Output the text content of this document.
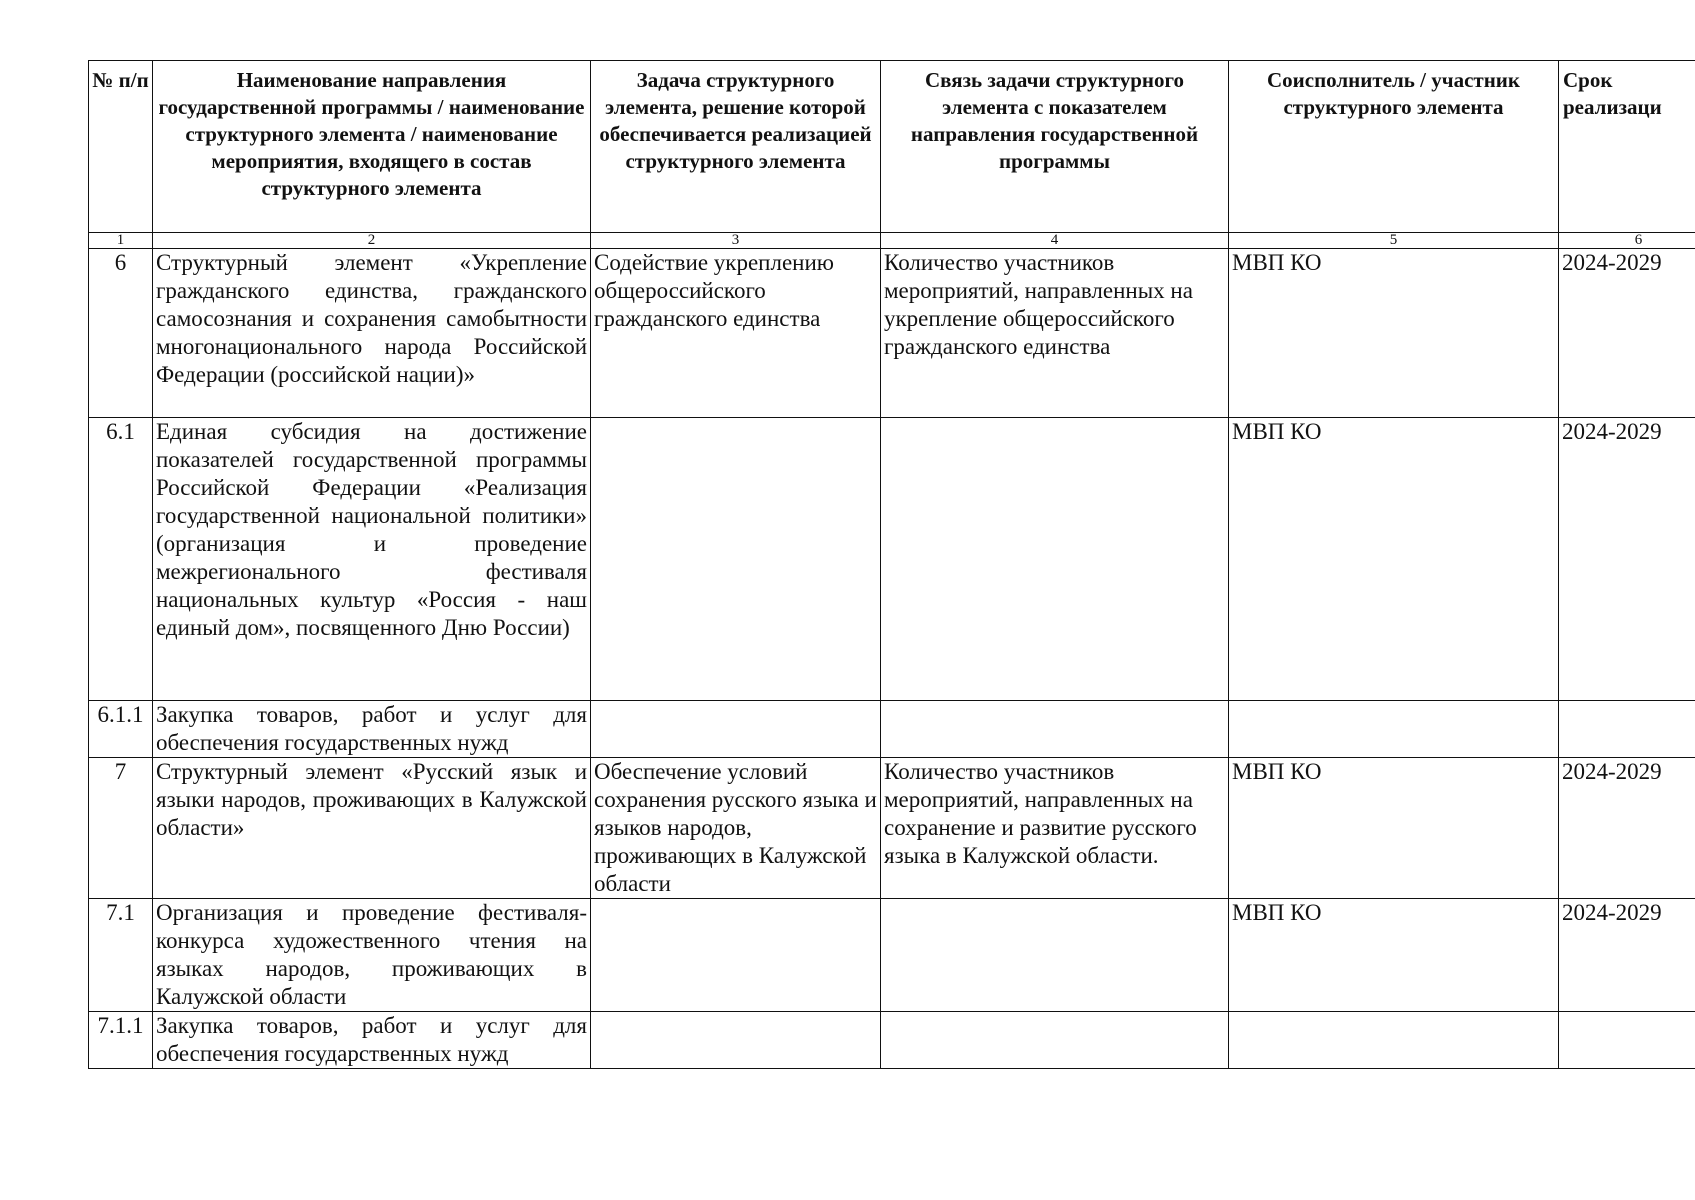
№ п/п	Наименование направления государственной программы / наименование структурного элемента / наименование мероприятия, входящего в состав структурного элемента	Задача структурного элемента, решение которой обеспечивается реализацией структурного элемента	Связь задачи структурного элемента с показателем направления государственной программы	Соисполнитель / участник структурного элемента	Срок реализаци

1	2	3	4	5	6
6	Структурный элемент «Укрепление гражданского единства, гражданского самосознания и сохранения самобытности многонационального народа Российской Федерации (российской нации)»	Содействие укреплению общероссийского гражданского единства	Количество участников мероприятий, направленных на укрепление общероссийского гражданского единства	МВП КО	2024-2029
6.1	Единая субсидия на достижение показателей государственной программы Российской Федерации «Реализация государственной национальной политики» (организация и проведение межрегионального фестиваля национальных культур «Россия - наш единый дом», посвященного Дню России)			МВП КО	2024-2029
6.1.1	Закупка товаров, работ и услуг для обеспечения государственных нужд				
7	Структурный элемент «Русский язык и языки народов, проживающих в Калужской области»	Обеспечение условий сохранения русского языка и языков народов, проживающих в Калужской области	Количество участников мероприятий, направленных на сохранение и развитие русского языка в Калужской области.	МВП КО	2024-2029
7.1	Организация и проведение фестиваля-конкурса художественного чтения на языках народов, проживающих в Калужской области			МВП КО	2024-2029
7.1.1	Закупка товаров, работ и услуг для обеспечения государственных нужд				
